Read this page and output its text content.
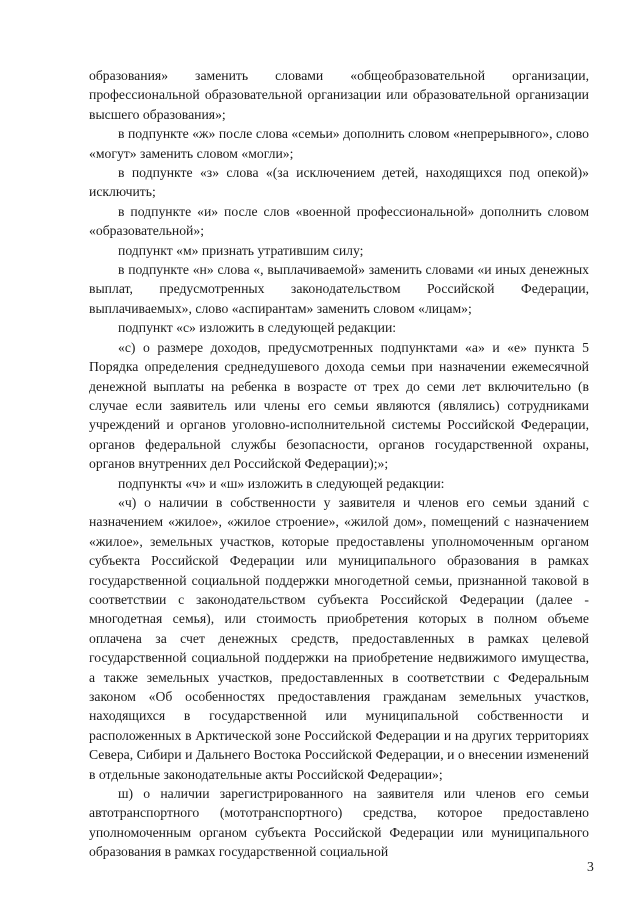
образования» заменить словами «общеобразовательной организации, профессиональной образовательной организации или образовательной организации высшего образования»;

в подпункте «ж» после слова «семьи» дополнить словом «непрерывного», слово «могут» заменить словом «могли»;

в подпункте «з» слова «(за исключением детей, находящихся под опекой)» исключить;

в подпункте «и» после слов «военной профессиональной» дополнить словом «образовательной»;

подпункт «м» признать утратившим силу;

в подпункте «н» слова «, выплачиваемой» заменить словами «и иных денежных выплат, предусмотренных законодательством Российской Федерации, выплачиваемых», слово «аспирантам» заменить словом «лицам»;

подпункт «с» изложить в следующей редакции:

«с) о размере доходов, предусмотренных подпунктами «а» и «е» пункта 5 Порядка определения среднедушевого дохода семьи при назначении ежемесячной денежной выплаты на ребенка в возрасте от трех до семи лет включительно (в случае если заявитель или члены его семьи являются (являлись) сотрудниками учреждений и органов уголовно-исполнительной системы Российской Федерации, органов федеральной службы безопасности, органов государственной охраны, органов внутренних дел Российской Федерации);»;

подпункты «ч» и «ш» изложить в следующей редакции:

«ч) о наличии в собственности у заявителя и членов его семьи зданий с назначением «жилое», «жилое строение», «жилой дом», помещений с назначением «жилое», земельных участков, которые предоставлены уполномоченным органом субъекта Российской Федерации или муниципального образования в рамках государственной социальной поддержки многодетной семьи, признанной таковой в соответствии с законодательством субъекта Российской Федерации (далее - многодетная семья), или стоимость приобретения которых в полном объеме оплачена за счет денежных средств, предоставленных в рамках целевой государственной социальной поддержки на приобретение недвижимого имущества, а также земельных участков, предоставленных в соответствии с Федеральным законом «Об особенностях предоставления гражданам земельных участков, находящихся в государственной или муниципальной собственности и расположенных в Арктической зоне Российской Федерации и на других территориях Севера, Сибири и Дальнего Востока Российской Федерации, и о внесении изменений в отдельные законодательные акты Российской Федерации»;

ш) о наличии зарегистрированного на заявителя или членов его семьи автотранспортного (мототранспортного) средства, которое предоставлено уполномоченным органом субъекта Российской Федерации или муниципального образования в рамках государственной социальной

3
